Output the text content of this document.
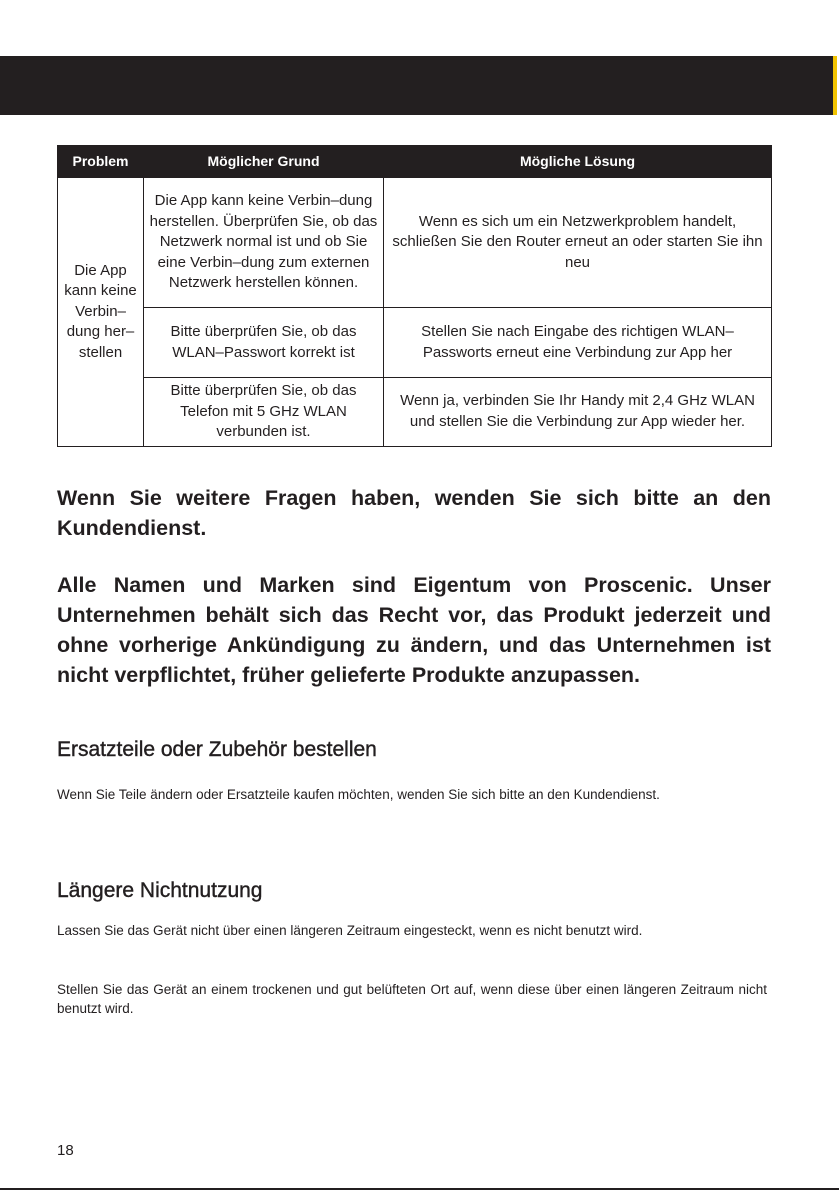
Problem	Möglicher Grund	Mögliche Lösung
Die App kann keine Verbin–dung her–stellen	Die App kann keine Verbin–dung herstellen. Überprüfen Sie, ob das Netzwerk normal ist und ob Sie eine Verbin–dung zum externen Netzwerk herstellen können.	Wenn es sich um ein Netzwerkproblem handelt, schließen Sie den Router erneut an oder starten Sie ihn neu
	Bitte überprüfen Sie, ob das WLAN–Passwort korrekt ist	Stellen Sie nach Eingabe des richtigen WLAN–Passworts erneut eine Verbindung zur App her
	Bitte überprüfen Sie, ob das Telefon mit 5 GHz WLAN verbunden ist.	Wenn ja, verbinden Sie Ihr Handy mit 2,4 GHz WLAN und stellen Sie die Verbindung zur App wieder her.

Wenn Sie weitere Fragen haben, wenden Sie sich bitte an den Kundendienst.

Alle Namen und Marken sind Eigentum von Proscenic. Unser Unternehmen behält sich das Recht vor, das Produkt jederzeit und ohne vorherige Ankündigung zu ändern, und das Unternehmen ist nicht verpflichtet, früher gelieferte Produkte anzupassen.

Ersatzteile oder Zubehör bestellen

Wenn Sie Teile ändern oder Ersatzteile kaufen möchten, wenden Sie sich bitte an den Kundendienst.

Längere Nichtnutzung

Lassen Sie das Gerät nicht über einen längeren Zeitraum eingesteckt, wenn es nicht benutzt wird.

Stellen Sie das Gerät an einem trockenen und gut belüfteten Ort auf, wenn diese über einen längeren Zeitraum nicht benutzt wird.

18
